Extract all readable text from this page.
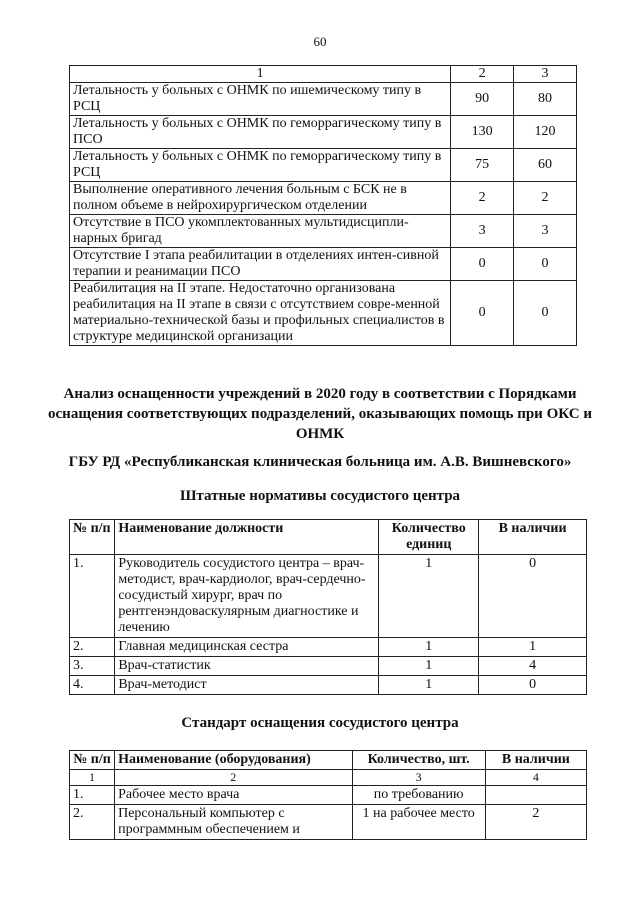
60
1	2	3
Летальность у больных с ОНМК по ишемическому типу в РСЦ	90	80
Летальность у больных с ОНМК по геморрагическому типу в ПСО	130	120
Летальность у больных с ОНМК по геморрагическому типу в РСЦ	75	60
Выполнение оперативного лечения больным с БСК не в полном объеме в нейрохирургическом отделении	2	2
Отсутствие в ПСО укомплектованных мультидисципли-нарных бригад	3	3
Отсутствие I этапа реабилитации в отделениях интен-сивной терапии и реанимации ПСО	0	0
Реабилитация на II этапе. Недостаточно организована реабилитация на II этапе в связи с отсутствием совре-менной материально-технической базы и профильных специалистов в структуре медицинской организации	0	0
Анализ оснащенности учреждений в 2020 году в соответствии с Порядками оснащения соответствующих подразделений, оказывающих помощь при ОКС и ОНМК
ГБУ РД «Республиканская клиническая больница им. А.В. Вишневского»
Штатные нормативы сосудистого центра
№ п/п	Наименование должности	Количество единиц	В наличии
1.	Руководитель сосудистого центра – врач-методист, врач-кардиолог, врач-сердечно-сосудистый хирург, врач по рентгенэндоваскулярным диагностике и лечению	1	0
2.	Главная медицинская сестра	1	1
3.	Врач-статистик	1	4
4.	Врач-методист	1	0
Стандарт оснащения сосудистого центра
№ п/п	Наименование (оборудования)	Количество, шт.	В наличии
1	2	3	4
1.	Рабочее место врача	по требованию	
2.	Персональный компьютер с программным обеспечением и	1 на рабочее место	2
